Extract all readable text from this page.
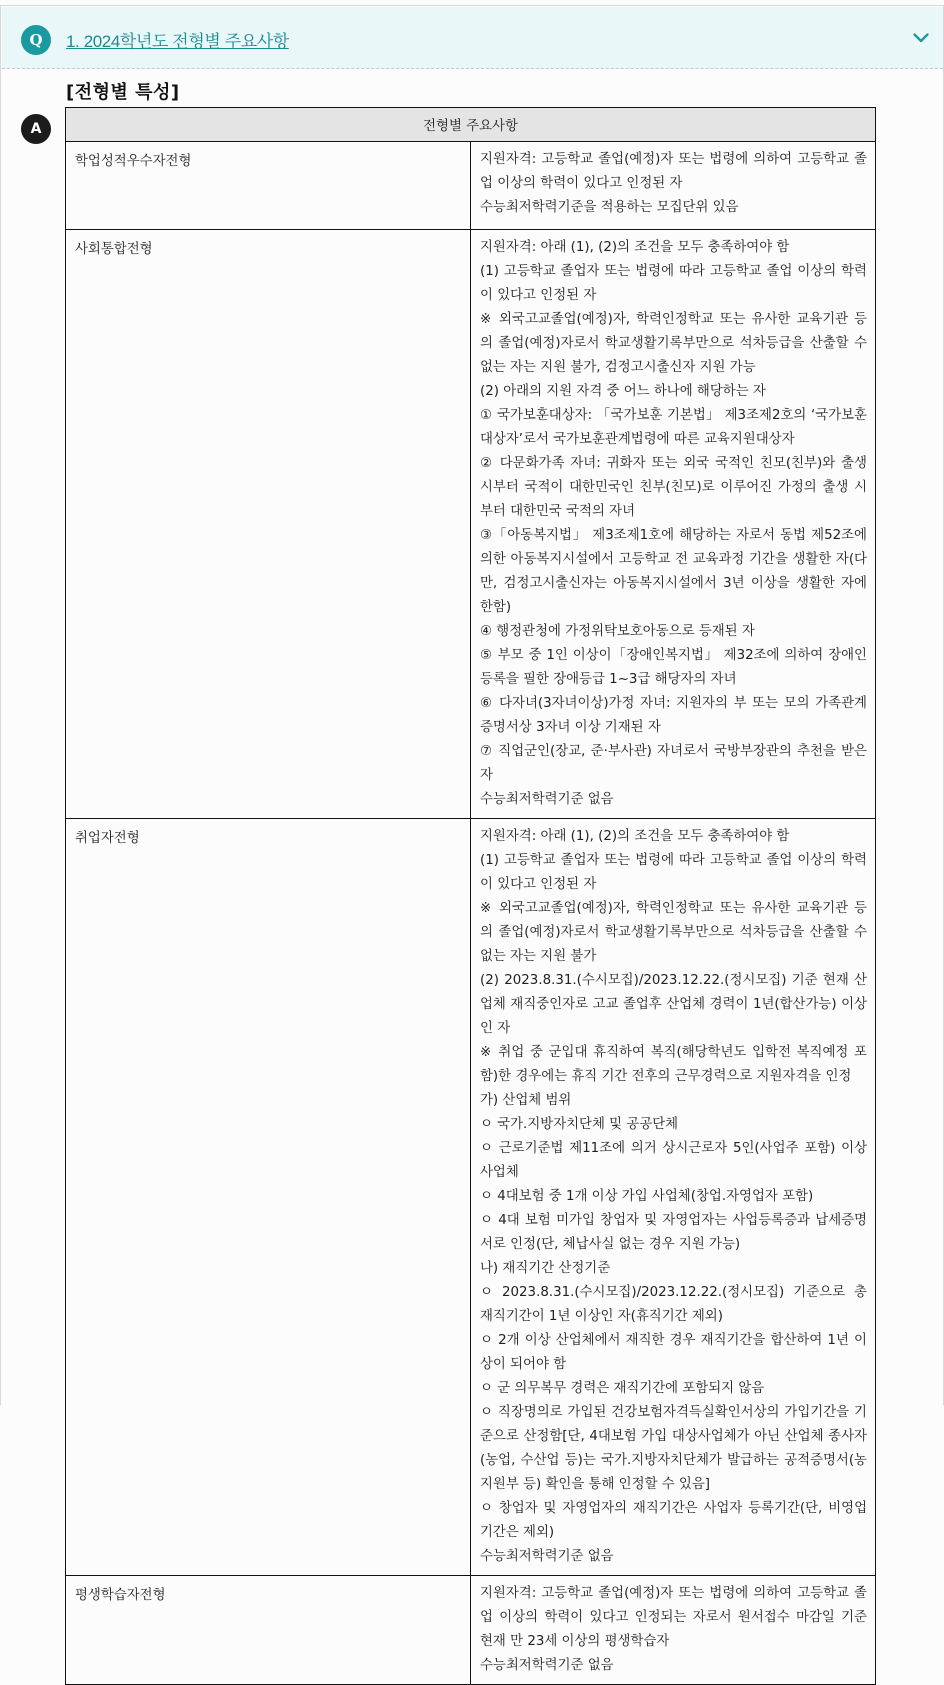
Q	1. 2024학년도 전형별 주요사항
[전형별 특성]
A	전형별 주요사항	
학업성적우수자전형	지원자격: 고등학교 졸업(예정)자 또는 법령에 의하여 고등학교 졸업 이상의 학력이 있다고 인정된 자
수능최저학력기준을 적용하는 모집단위 있음

사회통합전형	지원자격: 아래 (1), (2)의 조건을 모두 충족하여야 함
(1) 고등학교 졸업자 또는 법령에 따라 고등학교 졸업 이상의 학력이 있다고 인정된 자
※ 외국고교졸업(예정)자, 학력인정학교 또는 유사한 교육기관 등의 졸업(예정)자로서 학교생활기록부만으로 석차등급을 산출할 수 없는 자는 지원 불가, 검정고시출신자 지원 가능
(2) 아래의 지원 자격 중 어느 하나에 해당하는 자
① 국가보훈대상자: 「국가보훈 기본법」 제3조제2호의 ‘국가보훈대상자’로서 국가보훈관계법령에 따른 교육지원대상자
② 다문화가족 자녀: 귀화자 또는 외국 국적인 친모(친부)와 출생 시부터 국적이 대한민국인 친부(친모)로 이루어진 가정의 출생 시부터 대한민국 국적의 자녀
③「아동복지법」 제3조제1호에 해당하는 자로서 동법 제52조에 의한 아동복지시설에서 고등학교 전 교육과정 기간을 생활한 자(다만, 검정고시출신자는 아동복지시설에서 3년 이상을 생활한 자에 한함)
④ 행정관청에 가정위탁보호아동으로 등재된 자
⑤ 부모 중 1인 이상이「장애인복지법」 제32조에 의하여 장애인 등록을 필한 장애등급 1~3급 해당자의 자녀
⑥ 다자녀(3자녀이상)가정 자녀: 지원자의 부 또는 모의 가족관계증명서상 3자녀 이상 기재된 자
⑦ 직업군인(장교, 준·부사관) 자녀로서 국방부장관의 추천을 받은 자
수능최저학력기준 없음

취업자전형	지원자격: 아래 (1), (2)의 조건을 모두 충족하여야 함
(1) 고등학교 졸업자 또는 법령에 따라 고등학교 졸업 이상의 학력이 있다고 인정된 자
※ 외국고교졸업(예정)자, 학력인정학교 또는 유사한 교육기관 등의 졸업(예정)자로서 학교생활기록부만으로 석차등급을 산출할 수 없는 자는 지원 불가
(2) 2023.8.31.(수시모집)/2023.12.22.(정시모집) 기준 현재 산업체 재직중인자로 고교 졸업후 산업체 경력이 1년(합산가능) 이상인 자
※ 취업 중 군입대 휴직하여 복직(해당학년도 입학전 복직예정 포함)한 경우에는 휴직 기간 전후의 근무경력으로 지원자격을 인정
가) 산업체 범위
ㅇ 국가.지방자치단체 및 공공단체
ㅇ 근로기준법 제11조에 의거 상시근로자 5인(사업주 포함) 이상 사업체
ㅇ 4대보험 중 1개 이상 가입 사업체(창업.자영업자 포함)
ㅇ 4대 보험 미가입 창업자 및 자영업자는 사업등록증과 납세증명서로 인정(단, 체납사실 없는 경우 지원 가능)
나) 재직기간 산정기준
ㅇ 2023.8.31.(수시모집)/2023.12.22.(정시모집) 기준으로 총 재직기간이 1년 이상인 자(휴직기간 제외)
ㅇ 2개 이상 산업체에서 재직한 경우 재직기간을 합산하여 1년 이상이 되어야 함
ㅇ 군 의무복무 경력은 재직기간에 포함되지 않음
ㅇ 직장명의로 가입된 건강보험자격득실확인서상의 가입기간을 기준으로 산정함[단, 4대보험 가입 대상사업체가 아닌 산업체 종사자(농업, 수산업 등)는 국가.지방자치단체가 발급하는 공적증명서(농지원부 등) 확인을 통해 인정할 수 있음]
ㅇ 창업자 및 자영업자의 재직기간은 사업자 등록기간(단, 비영업 기간은 제외)
수능최저학력기준 없음

평생학습자전형	지원자격: 고등학교 졸업(예정)자 또는 법령에 의하여 고등학교 졸업 이상의 학력이 있다고 인정되는 자로서 원서접수 마감일 기준 현재 만 23세 이상의 평생학습자
수능최저학력기준 없음
